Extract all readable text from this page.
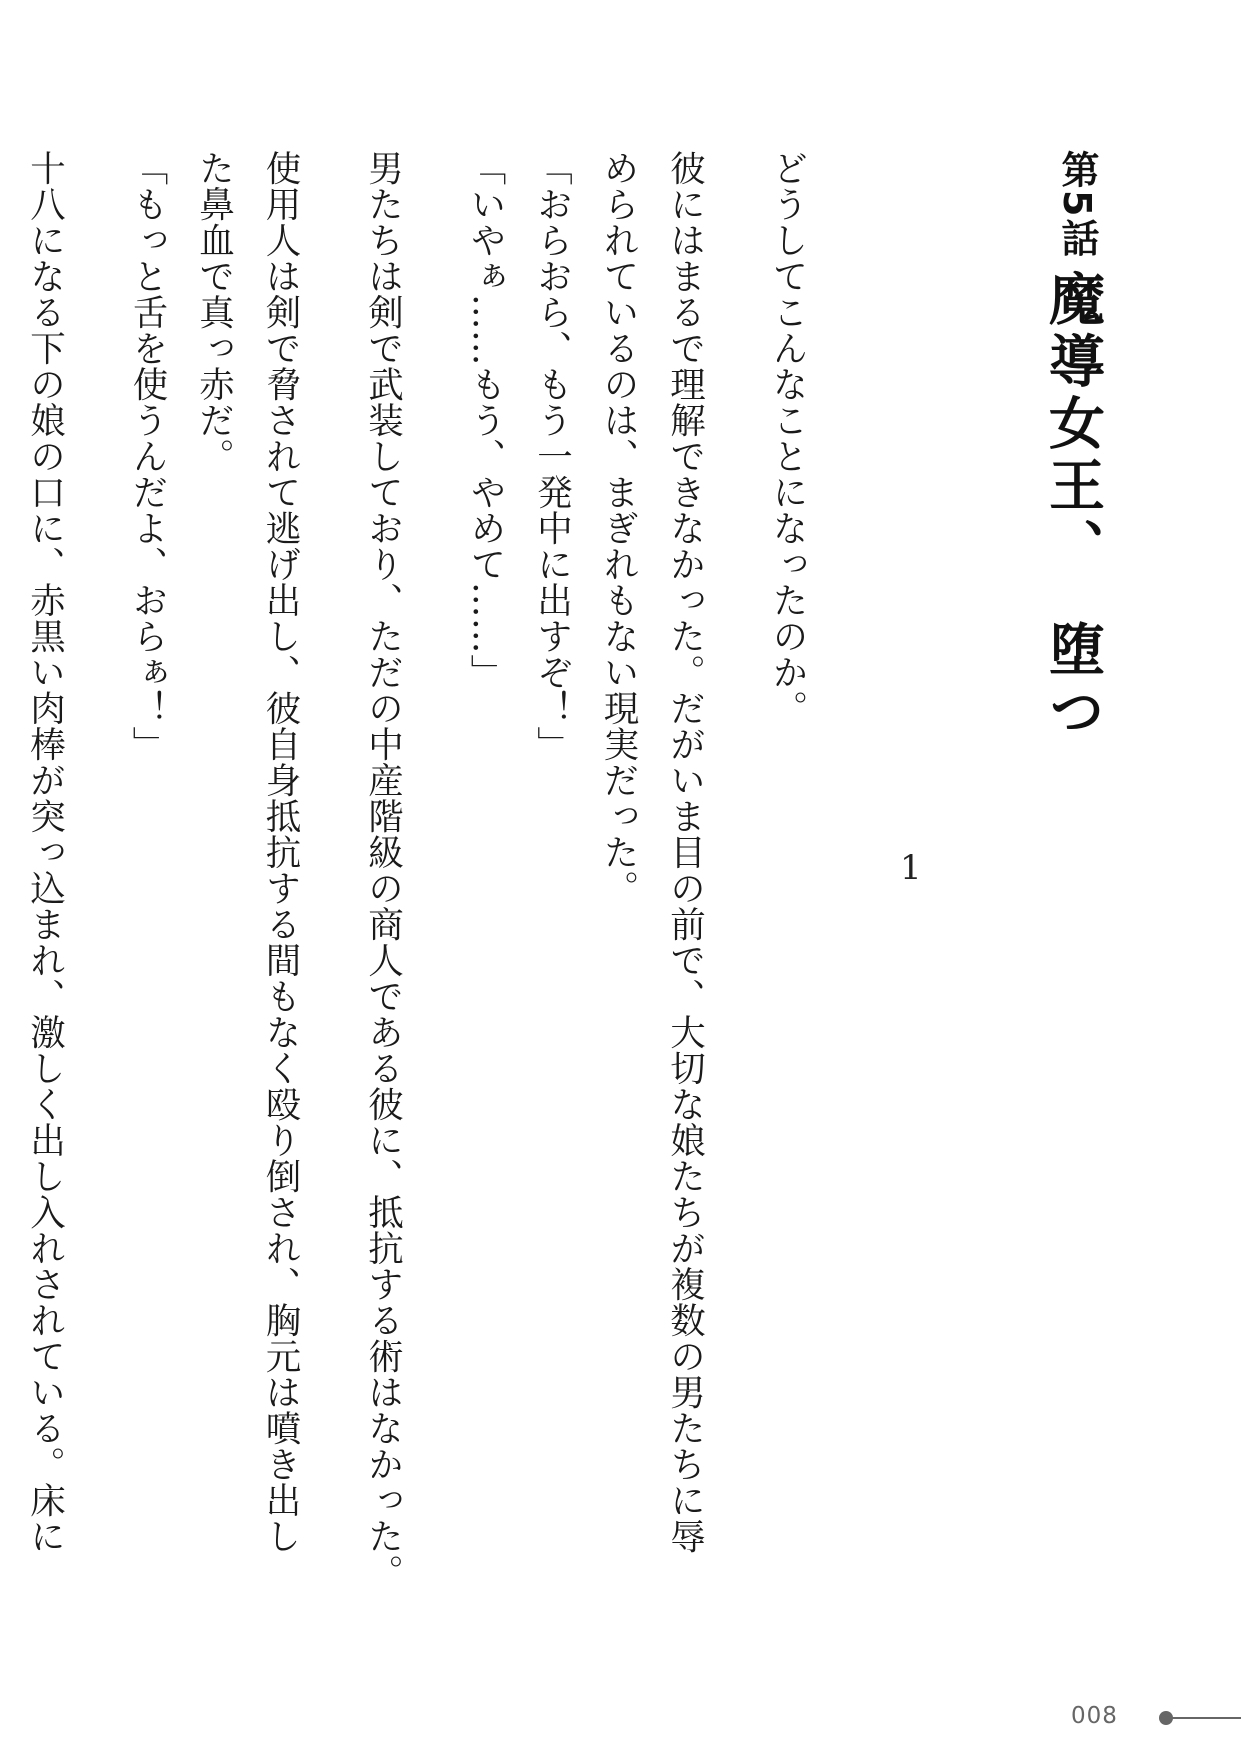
第5話
魔導女王、堕つ
1
どうしてこんなことになったのか。
彼にはまるで理解できなかった。だがいま目の前で、大切な娘たちが複数の男たちに辱
められているのは、まぎれもない現実だった。
「おらおら、もう一発中に出すぞ！」
「いやぁ……もう、やめて……」
男たちは剣で武装しており、ただの中産階級の商人である彼に、抵抗する術はなかった。
使用人は剣で脅されて逃げ出し、彼自身抵抗する間もなく殴り倒され、胸元は噴き出し
た鼻血で真っ赤だ。
「もっと舌を使うんだよ、おらぁ！」
十八になる下の娘の口に、赤黒い肉棒が突っ込まれ、激しく出し入れされている。床に
008
